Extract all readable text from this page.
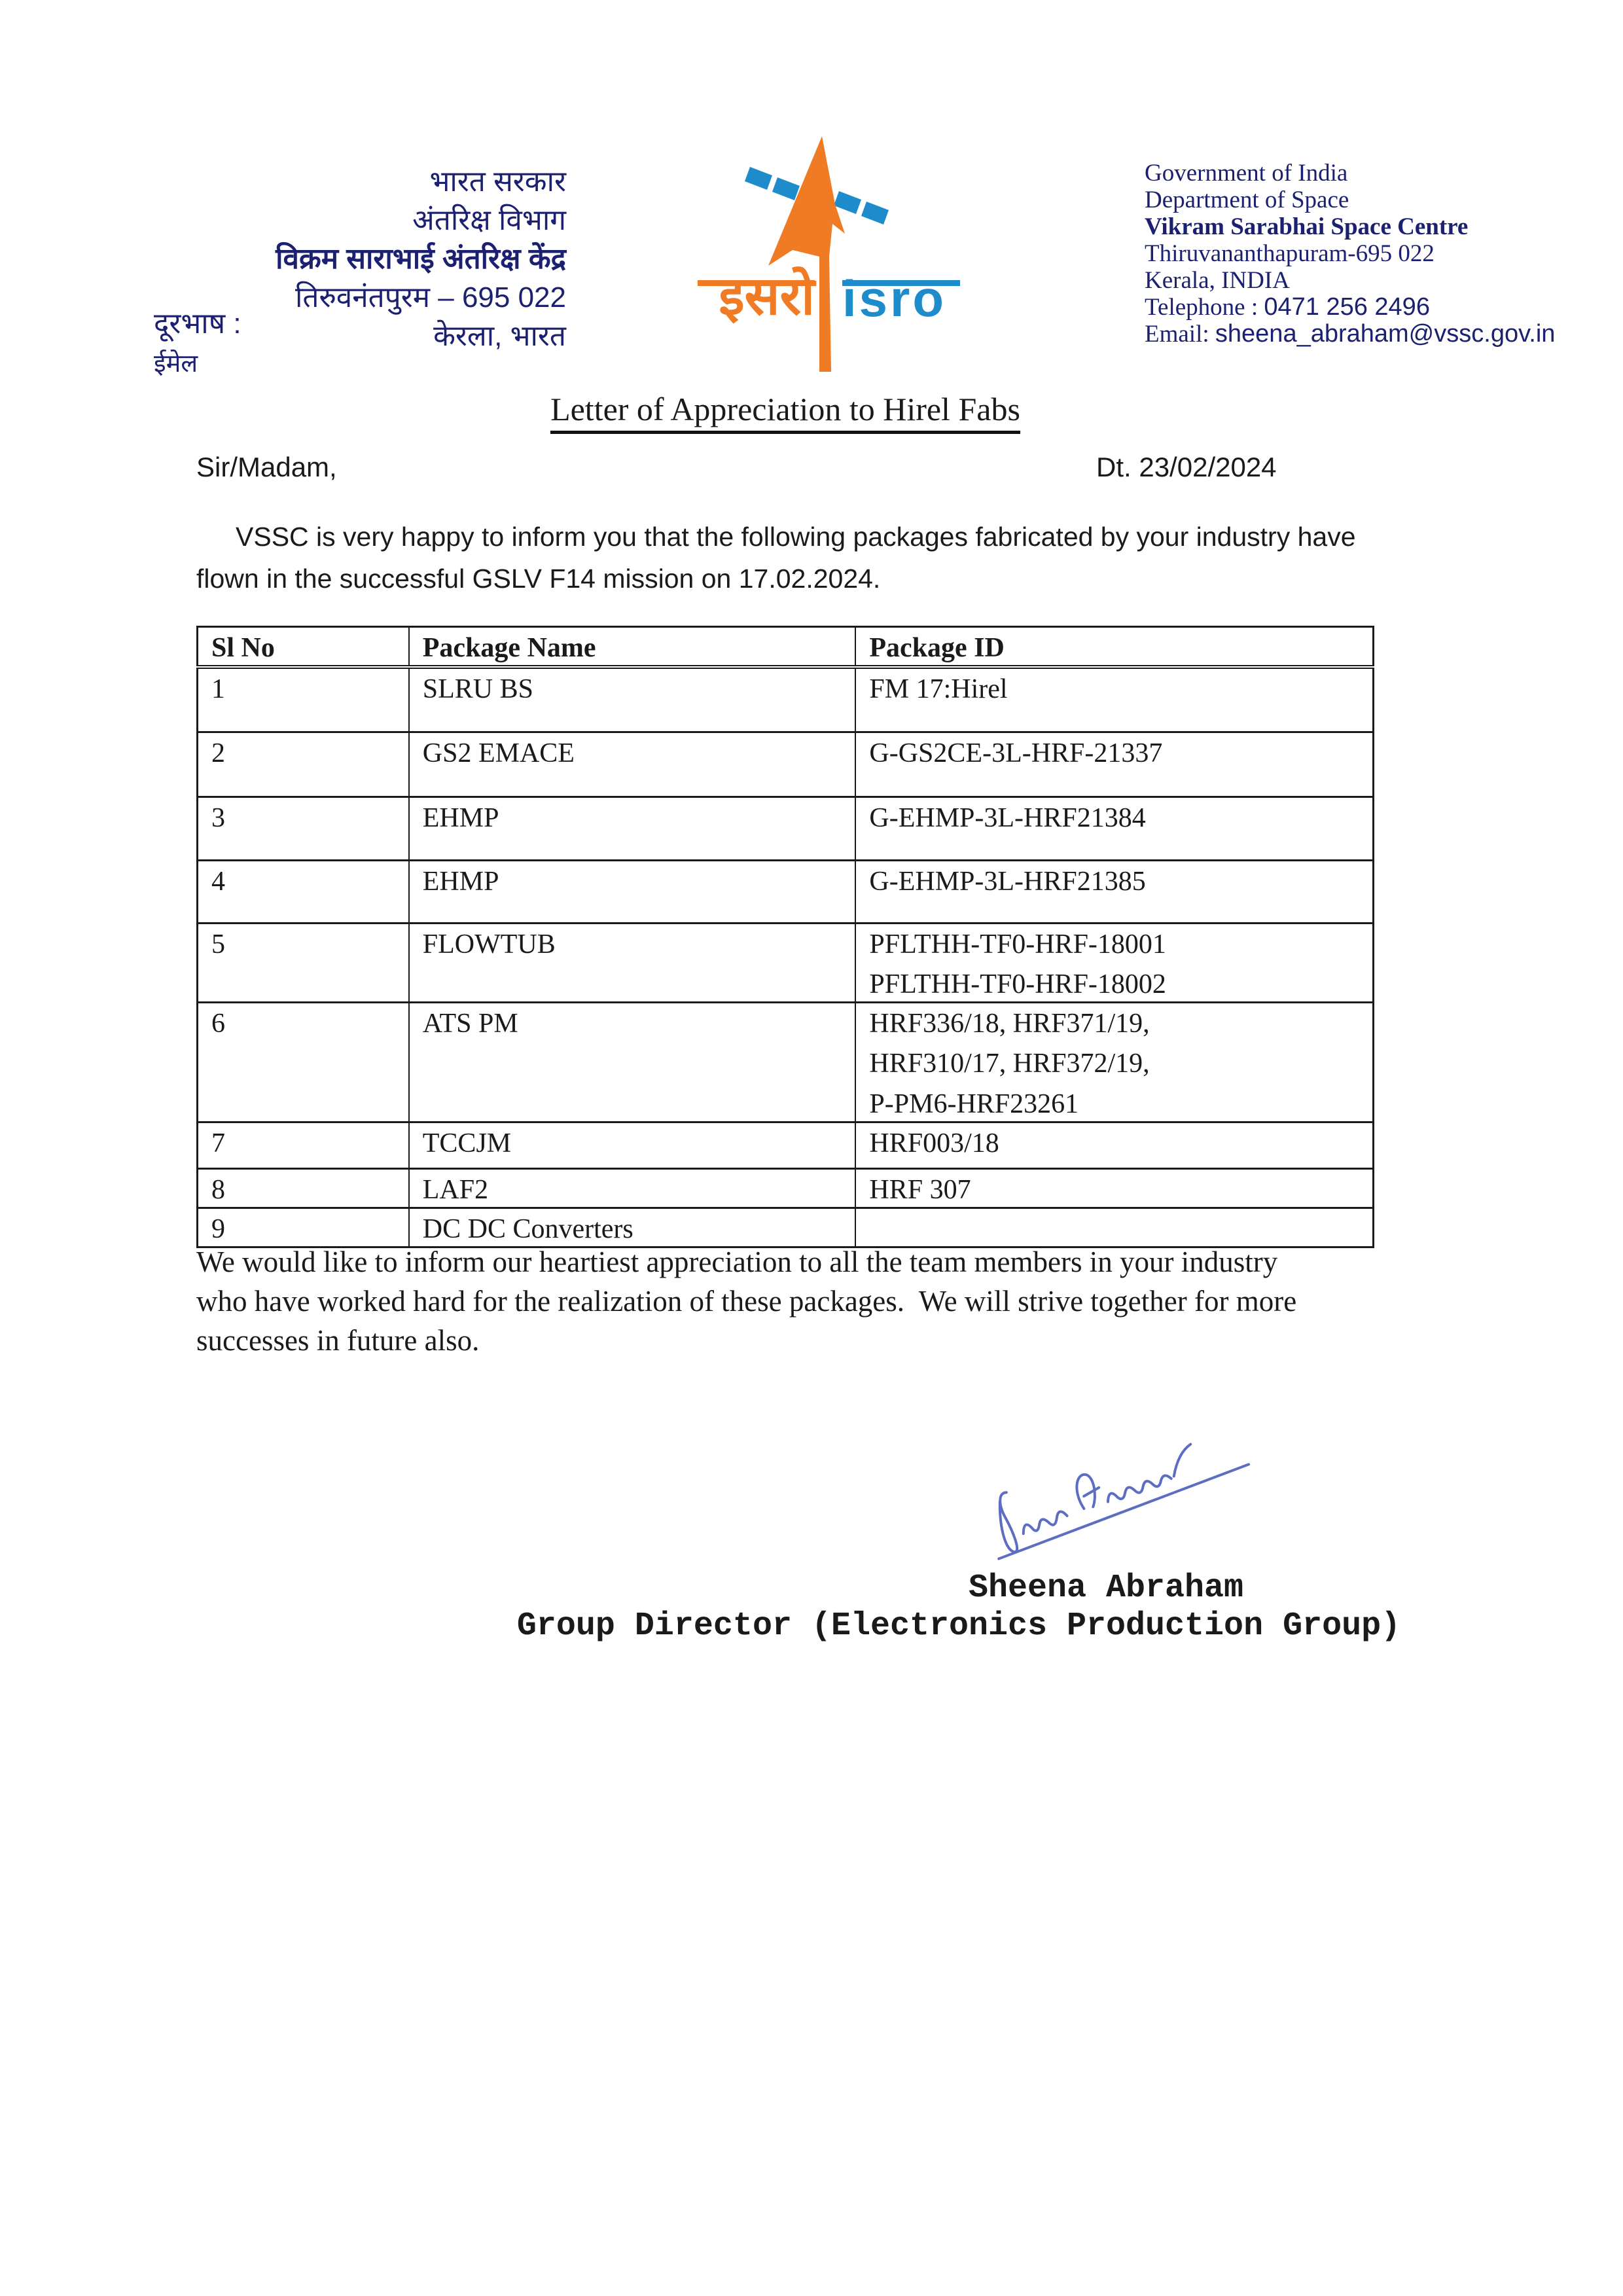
भारत सरकार
अंतरिक्ष विभाग
विक्रम साराभाई अंतरिक्ष केंद्र
तिरुवनंतपुरम – 695 022
केरला, भारत
दूरभाष :
ईमेल
इसरो isro
Government of India
Department of Space
Vikram Sarabhai Space Centre
Thiruvananthapuram-695 022
Kerala, INDIA
Telephone : 0471 256 2496
Email: sheena_abraham@vssc.gov.in
Letter of Appreciation to Hirel Fabs
Sir/Madam,	Dt. 23/02/2024
VSSC is very happy to inform you that the following packages fabricated by your industry have
flown in the successful GSLV F14 mission on 17.02.2024.
Sl No	Package Name	Package ID
1	SLRU BS	FM 17:Hirel

2	GS2 EMACE	G-GS2CE-3L-HRF-21337

3	EHMP	G-EHMP-3L-HRF21384

4	EHMP	G-EHMP-3L-HRF21385

5	FLOWTUB	PFLTHH-TF0-HRF-18001
PFLTHH-TF0-HRF-18002

6	ATS PM	HRF336/18, HRF371/19,
HRF310/17, HRF372/19,
P-PM6-HRF23261

7	TCCJM	HRF003/18

8	LAF2	HRF 307

9	DC DC Converters	
We would like to inform our heartiest appreciation to all the team members in your industry
who have worked hard for the realization of these packages.  We will strive together for more
successes in future also.
Sheena Abraham
Group Director (Electronics Production Group)
